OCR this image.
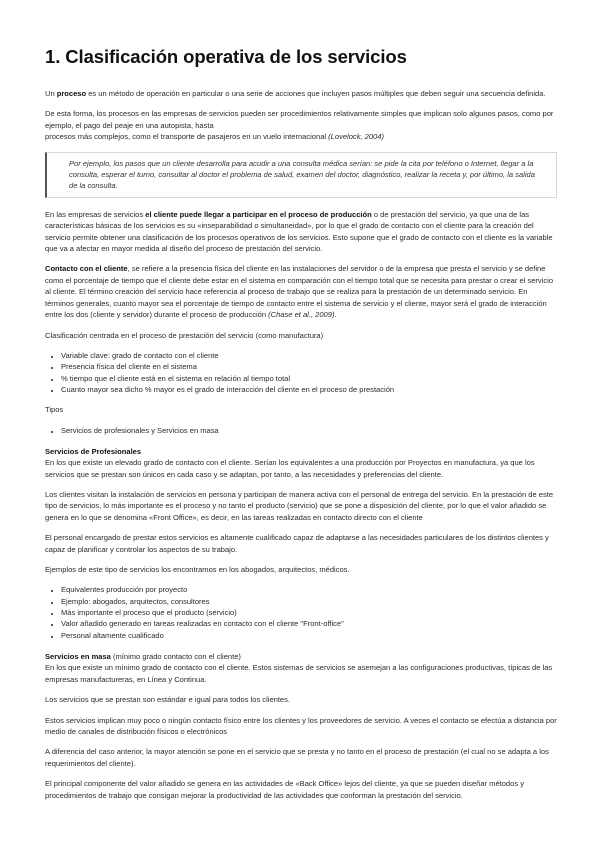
1. Clasificación operativa de los servicios

Un proceso es un método de operación en particular o una serie de acciones que incluyen pasos múltiples que deben seguir una secuencia definida.

De esta forma, los procesos en las empresas de servicios pueden ser procedimientos relativamente simples que implican solo algunos pasos, como por ejemplo, el pago del peaje en una autopista, hasta
procesos más complejos, como el transporte de pasajeros en un vuelo internacional (Lovelock, 2004)

Por ejemplo, los pasos que un cliente desarrolla para acudir a una consulta médica serían: se pide la cita por teléfono o Internet, llegar a la consulta, esperar el turno, consultar al doctor el problema de salud, examen del doctor, diagnóstico, realizar la receta y, por último, la salida de la consulta.

En las empresas de servicios el cliente puede llegar a participar en el proceso de producción o de prestación del servicio, ya que una de las características básicas de los servicios es su «inseparabilidad o simultaneidad», por lo que el grado de contacto con el cliente para la creación del servicio permite obtener una clasificación de los procesos operativos de los servicios. Esto supone que el grado de contacto con el cliente es la variable que va a afectar en mayor medida al diseño del proceso de prestación del servicio.

Contacto con el cliente, se refiere a la presencia física del cliente en las instalaciones del servidor o de la empresa que presta el servicio y se define como el porcentaje de tiempo que el cliente debe estar en el sistema en comparación con el tiempo total que se necesita para prestar o crear el servicio al cliente. El término creación del servicio hace referencia al proceso de trabajo que se realiza para la prestación de un determinado servicio. En términos generales, cuanto mayor sea el porcentaje de tiempo de contacto entre el sistema de servicio y el cliente, mayor será el grado de interacción entre los dos (cliente y servidor) durante el proceso de producción (Chase et al., 2009).

Clasificación centrada en el proceso de prestación del servicio (como manufactura)

• Variable clave: grado de contacto con el cliente
• Presencia física del cliente en el sistema
• % tiempo que el cliente está en el sistema en relación al tiempo total
• Cuanto mayor sea dicho % mayor es el grado de interacción del cliente en el proceso de prestación

Tipos

• Servicios de profesionales y Servicios en masa

Servicios de Profesionales
En los que existe un elevado grado de contacto con el cliente. Serían los equivalentes a una producción por Proyectos en manufactura, ya que los servicios que se prestan son únicos en cada caso y se adaptan, por tanto, a las necesidades y preferencias del cliente.

Los clientes visitan la instalación de servicios en persona y participan de manera activa con el personal de entrega del servicio. En la prestación de este tipo de servicios, lo más importante es el proceso y no tanto el producto (servicio) que se pone a disposición del cliente, por lo que el valor añadido se genera en lo que se denomina «Front Office», es decir, en las tareas realizadas en contacto directo con el cliente

El personal encargado de prestar estos servicios es altamente cualificado capaz de adaptarse a las necesidades particulares de los distintos clientes y capaz de planificar y controlar los aspectos de su trabajo.

Ejemplos de este tipo de servicios los encontramos en los abogados, arquitectos, médicos.

• Equivalentes producción por proyecto
• Ejemplo: abogados, arquitectos, consultores
• Más importante el proceso que el producto (servicio)
• Valor añadido generado en tareas realizadas en contacto con el cliente "Front-office"
• Personal altamente cualificado

Servicios en masa (mínimo grado contacto con el cliente)
En los que existe un mínimo grado de contacto con el cliente. Estos sistemas de servicios se asemejan a las configuraciones productivas, típicas de las empresas manufactureras, en Línea y Continua.

Los servicios que se prestan son estándar e igual para todos los clientes.

Estos servicios implican muy poco o ningún contacto físico entre los clientes y los proveedores de servicio. A veces el contacto se efectúa a distancia por medio de canales de distribución físicos o electrónicos

A diferencia del caso anterior, la mayor atención se pone en el servicio que se presta y no tanto en el proceso de prestación (el cual no se adapta a los requerimientos del cliente).

El principal componente del valor añadido se genera en las actividades de «Back Office» lejos del cliente, ya que se pueden diseñar métodos y procedimientos de trabajo que consigan mejorar la productividad de las actividades que conforman la prestación del servicio.
